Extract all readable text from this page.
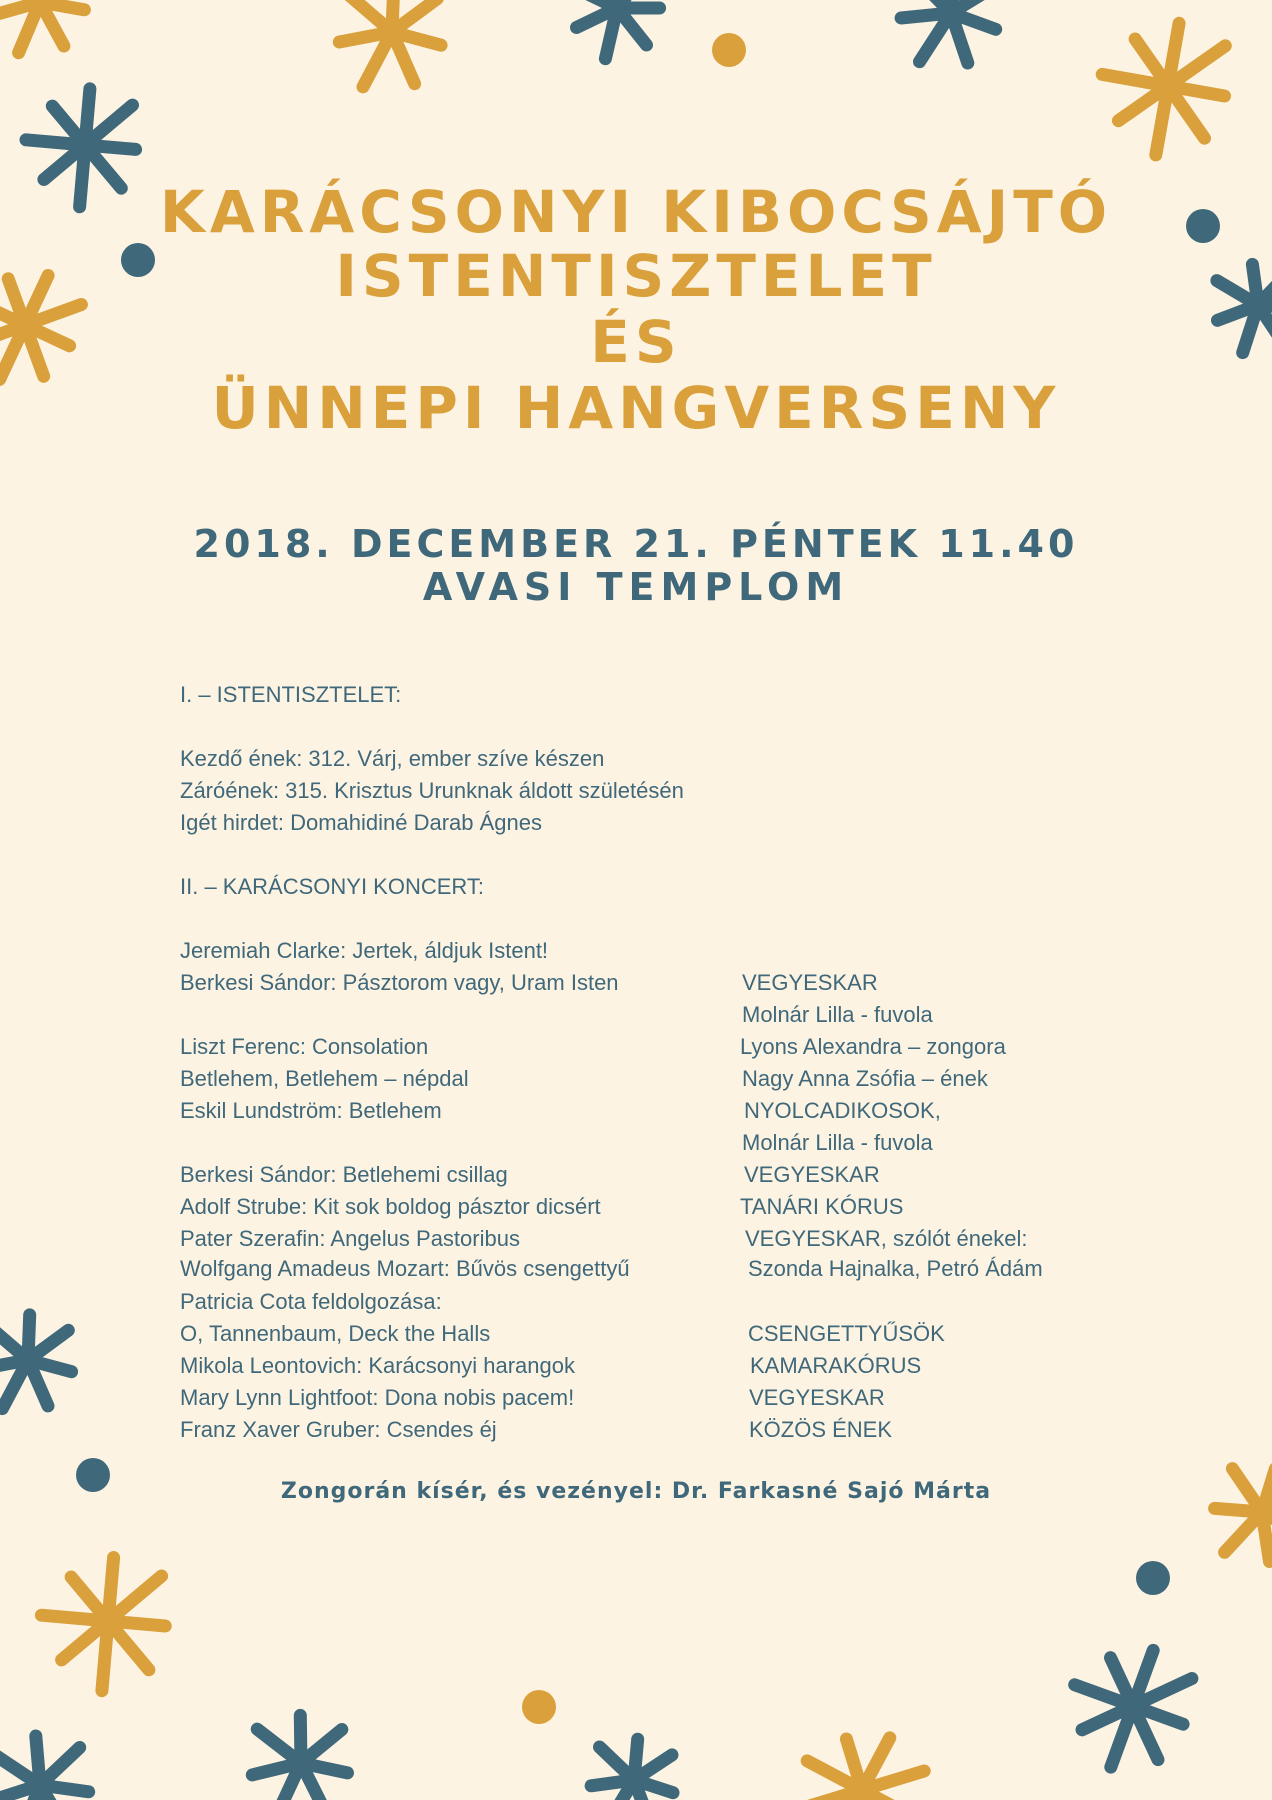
KARÁCSONYI KIBOCSÁJTÓ
ISTENTISZTELET
ÉS
ÜNNEPI HANGVERSENY
2018. DECEMBER 21. PÉNTEK 11.40
AVASI TEMPLOM
I. – ISTENTISZTELET:
Kezdő ének: 312. Várj, ember szíve készen
Záróének: 315. Krisztus Urunknak áldott születésén
Igét hirdet: Domahidiné Darab Ágnes
II. – KARÁCSONYI KONCERT:
Jeremiah Clarke: Jertek, áldjuk Istent!
Berkesi Sándor: Pásztorom vagy, Uram Isten
Liszt Ferenc: Consolation
Betlehem, Betlehem – népdal
Eskil Lundström: Betlehem
Berkesi Sándor: Betlehemi csillag
Adolf Strube: Kit sok boldog pásztor dicsért
Pater Szerafin: Angelus Pastoribus
Wolfgang Amadeus Mozart: Bűvös csengettyű
Patricia Cota feldolgozása:
O, Tannenbaum, Deck the Halls
Mikola Leontovich: Karácsonyi harangok
Mary Lynn Lightfoot: Dona nobis pacem!
Franz Xaver Gruber: Csendes éj
VEGYESKAR
Molnár Lilla - fuvola
Lyons Alexandra – zongora
Nagy Anna Zsófia – ének
NYOLCADIKOSOK,
Molnár Lilla - fuvola
VEGYESKAR
TANÁRI KÓRUS
VEGYESKAR, szólót énekel:
Szonda Hajnalka, Petró Ádám
CSENGETTYŰSÖK
KAMARAKÓRUS
VEGYESKAR
KÖZÖS ÉNEK
Zongorán kísér, és vezényel: Dr. Farkasné Sajó Márta
